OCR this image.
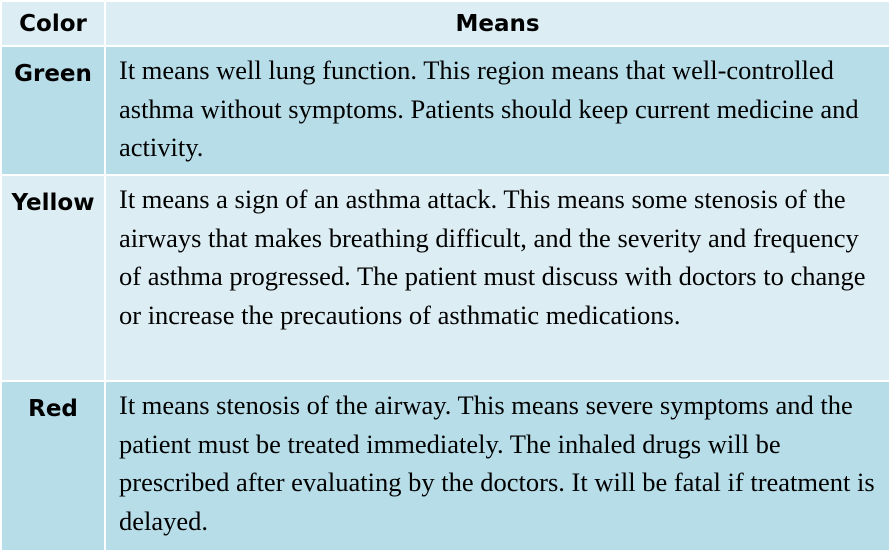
Color	Means
Green	It means well lung function. This region means that well-controlled asthma without symptoms. Patients should keep current medicine and activity.
Yellow It means a sign of an asthma attack. This means some stenosis of the airways that makes breathing difficult, and the severity and frequency of asthma progressed. The patient must discuss with doctors to change or increase the precautions of asthmatic medications.
Red	It means stenosis of the airway. This means severe symptoms and the patient must be treated immediately. The inhaled drugs will be prescribed after evaluating by the doctors. It will be fatal if treatment is delayed.
